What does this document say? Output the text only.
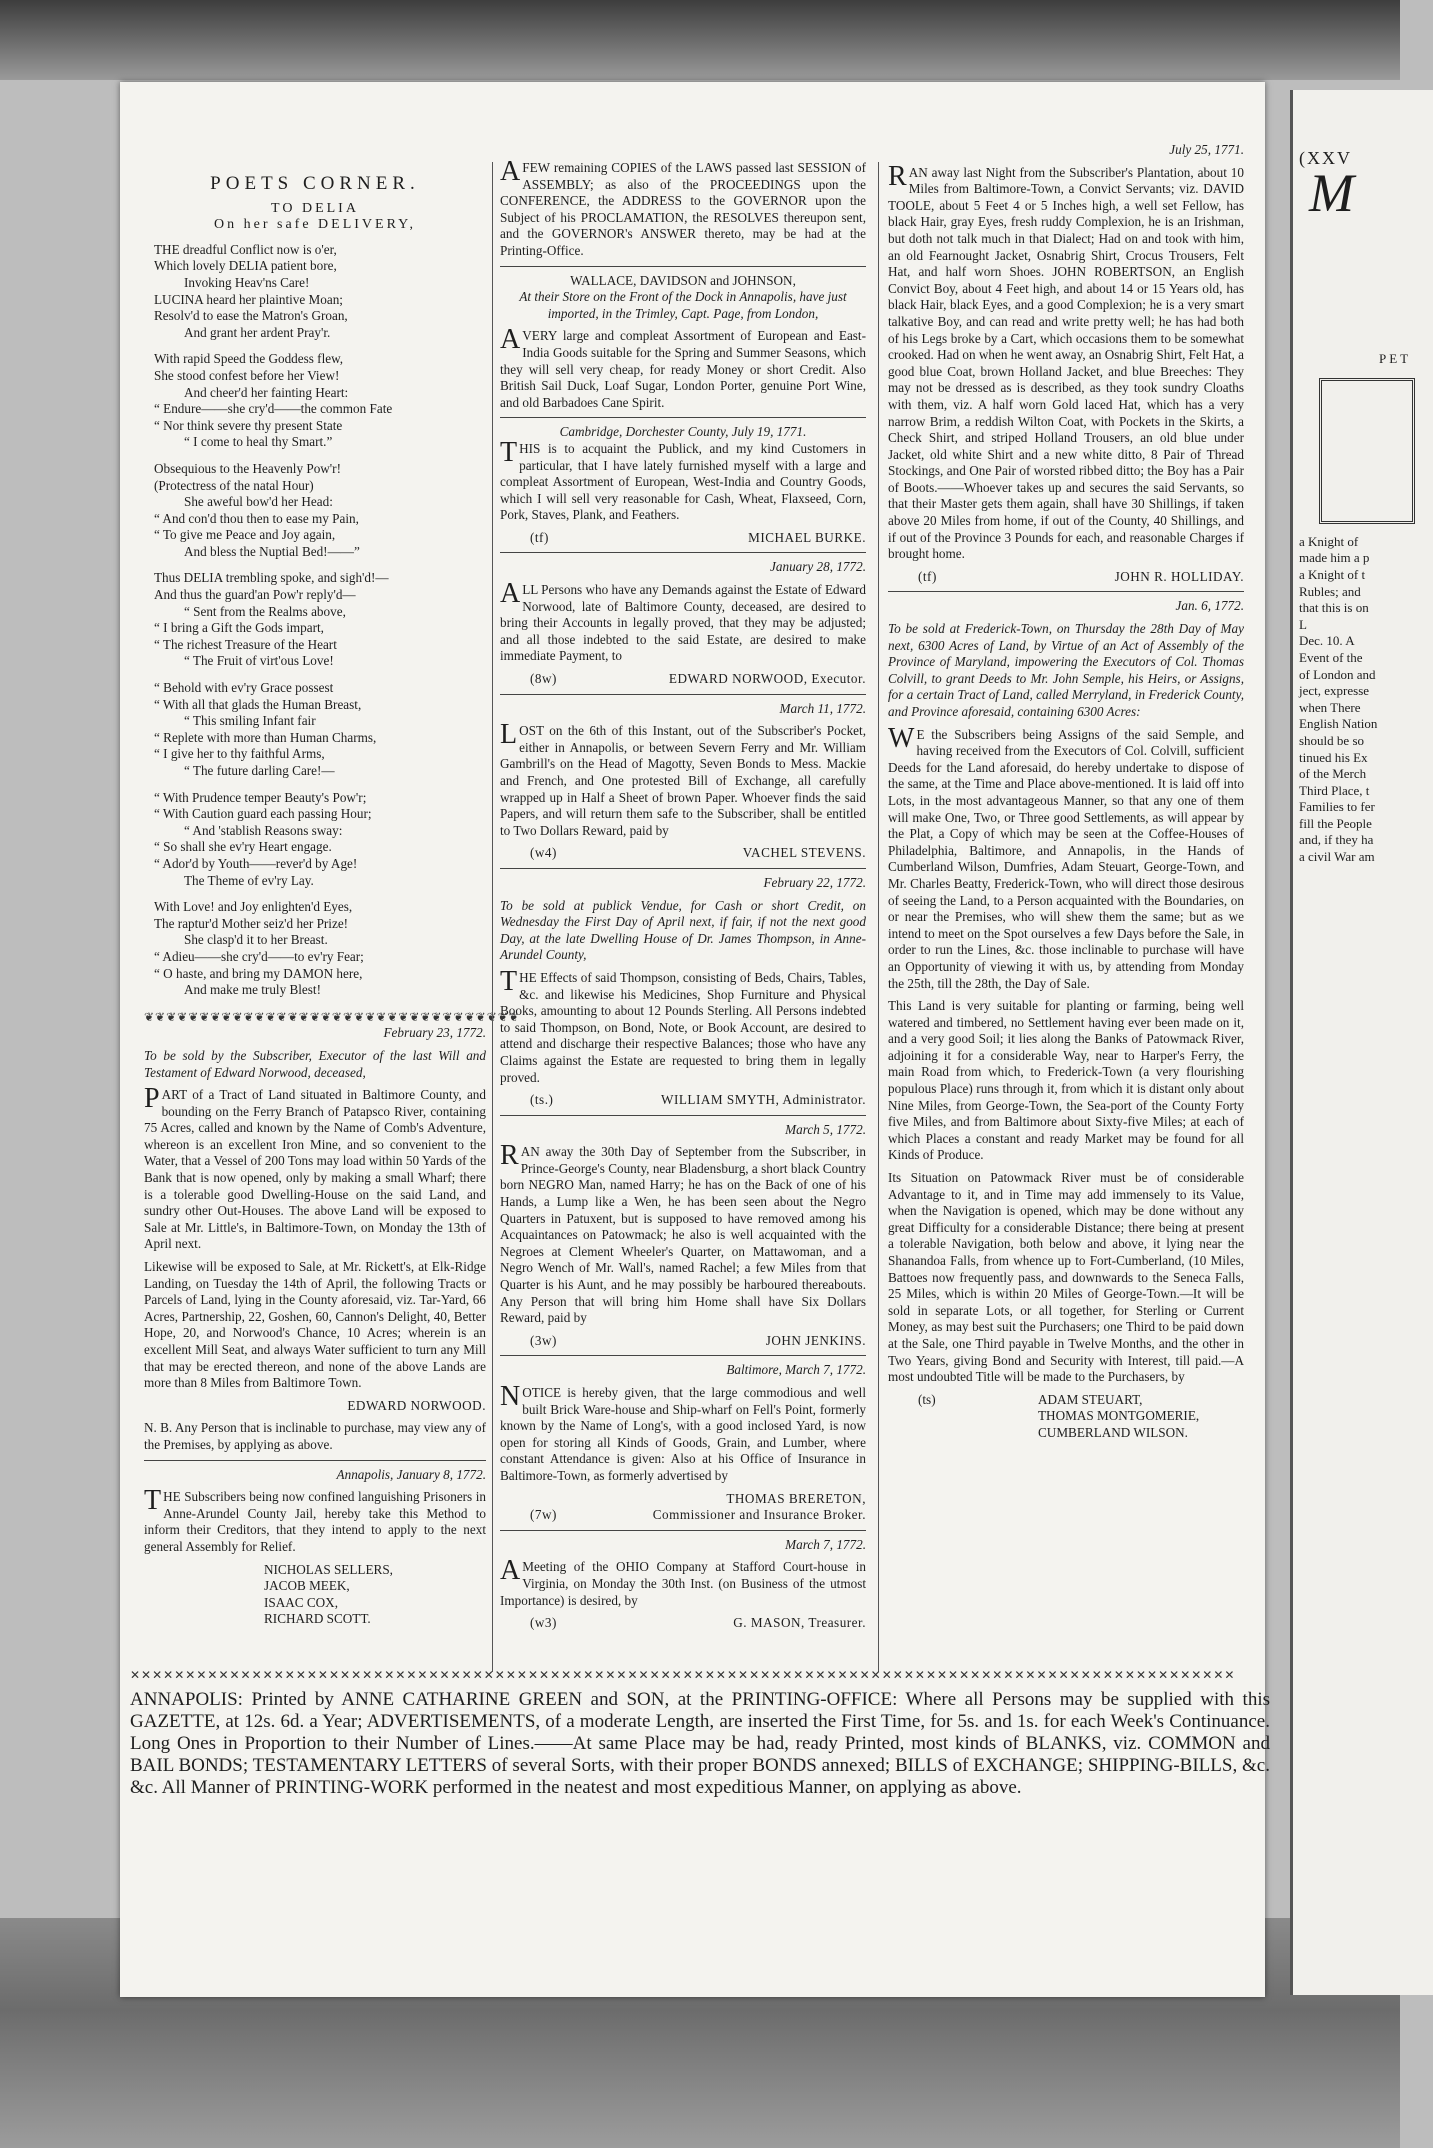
(XXV
M
PET
a Knight of
made him a p
a Knight of t
Rubles; and
that this is on
L
Dec. 10. A
Event of the
of London and
ject, expresse
when There
English Nation
should be so
tinued his Ex
of the Merch
Third Place, t
Families to fer
fill the People
and, if they ha
a civil War am
POETS CORNER.
TO DELIA
On her safe DELIVERY,
THE dreadful Conflict now is o'er,
Which lovely DELIA patient bore,
Invoking Heav'ns Care!
LUCINA heard her plaintive Moan;
Resolv'd to ease the Matron's Groan,
And grant her ardent Pray'r.
With rapid Speed the Goddess flew,
She stood confest before her View!
And cheer'd her fainting Heart:
“ Endure——she cry'd——the common Fate
“ Nor think severe thy present State
“ I come to heal thy Smart.”
Obsequious to the Heavenly Pow'r!
(Protectress of the natal Hour)
She aweful bow'd her Head:
“ And con'd thou then to ease my Pain,
“ To give me Peace and Joy again,
And bless the Nuptial Bed!——”
Thus DELIA trembling spoke, and sigh'd!—
And thus the guard'an Pow'r reply'd—
“ Sent from the Realms above,
“ I bring a Gift the Gods impart,
“ The richest Treasure of the Heart
“ The Fruit of virt'ous Love!
“ Behold with ev'ry Grace possest
“ With all that glads the Human Breast,
“ This smiling Infant fair
“ Replete with more than Human Charms,
“ I give her to thy faithful Arms,
“ The future darling Care!—
“ With Prudence temper Beauty's Pow'r;
“ With Caution guard each passing Hour;
“ And 'stablish Reasons sway:
“ So shall she ev'ry Heart engage.
“ Ador'd by Youth——rever'd by Age!
The Theme of ev'ry Lay.
With Love! and Joy enlighten'd Eyes,
The raptur'd Mother seiz'd her Prize!
She clasp'd it to her Breast.
“ Adieu——she cry'd——to ev'ry Fear;
“ O haste, and bring my DAMON here,
And make me truly Blest!
❦❦❦❦❦❦❦❦❦❦❦❦❦❦❦❦❦❦❦❦❦❦❦❦❦❦❦❦❦❦❦❦❦❦

February 23, 1772.

To be sold by the Subscriber, Executor of the last Will and Testament of Edward Norwood, deceased,

PART of a Tract of Land situated in Baltimore County, and bounding on the Ferry Branch of Patapsco River, containing 75 Acres, called and known by the Name of Comb's Adventure, whereon is an excellent Iron Mine, and so convenient to the Water, that a Vessel of 200 Tons may load within 50 Yards of the Bank that is now opened, only by making a small Wharf; there is a tolerable good Dwelling-House on the said Land, and sundry other Out-Houses. The above Land will be exposed to Sale at Mr. Little's, in Baltimore-Town, on Monday the 13th of April next.

Likewise will be exposed to Sale, at Mr. Rickett's, at Elk-Ridge Landing, on Tuesday the 14th of April, the following Tracts or Parcels of Land, lying in the County aforesaid, viz. Tar-Yard, 66 Acres, Partnership, 22, Goshen, 60, Cannon's Delight, 40, Better Hope, 20, and Norwood's Chance, 10 Acres; wherein is an excellent Mill Seat, and always Water sufficient to turn any Mill that may be erected thereon, and none of the above Lands are more than 8 Miles from Baltimore Town.

EDWARD NORWOOD.

N. B. Any Person that is inclinable to purchase, may view any of the Premises, by applying as above.

Annapolis, January 8, 1772.

THE Subscribers being now confined languishing Prisoners in Anne-Arundel County Jail, hereby take this Method to inform their Creditors, that they intend to apply to the next general Assembly for Relief.

NICHOLAS SELLERS,
JACOB MEEK,
ISAAC COX,
RICHARD SCOTT.

AFEW remaining COPIES of the LAWS passed last SESSION of ASSEMBLY; as also of the PROCEEDINGS upon the CONFERENCE, the ADDRESS to the GOVERNOR upon the Subject of his PROCLAMATION, the RESOLVES thereupon sent, and the GOVERNOR's ANSWER thereto, may be had at the Printing-Office.

WALLACE, DAVIDSON and JOHNSON,

At their Store on the Front of the Dock in Annapolis, have just imported, in the Trimley, Capt. Page, from London,

AVERY large and compleat Assortment of European and East-India Goods suitable for the Spring and Summer Seasons, which they will sell very cheap, for ready Money or short Credit. Also British Sail Duck, Loaf Sugar, London Porter, genuine Port Wine, and old Barbadoes Cane Spirit.

Cambridge, Dorchester County, July 19, 1771.

THIS is to acquaint the Publick, and my kind Customers in particular, that I have lately furnished myself with a large and compleat Assortment of European, West-India and Country Goods, which I will sell very reasonable for Cash, Wheat, Flaxseed, Corn, Pork, Staves, Plank, and Feathers.

(tf)	MICHAEL BURKE.

January 28, 1772.

ALL Persons who have any Demands against the Estate of Edward Norwood, late of Baltimore County, deceased, are desired to bring their Accounts in legally proved, that they may be adjusted; and all those indebted to the said Estate, are desired to make immediate Payment, to

(8w)	EDWARD NORWOOD, Executor.

March 11, 1772.

LOST on the 6th of this Instant, out of the Subscriber's Pocket, either in Annapolis, or between Severn Ferry and Mr. William Gambrill's on the Head of Magotty, Seven Bonds to Mess. Mackie and French, and One protested Bill of Exchange, all carefully wrapped up in Half a Sheet of brown Paper. Whoever finds the said Papers, and will return them safe to the Subscriber, shall be entitled to Two Dollars Reward, paid by

(w4)	VACHEL STEVENS.

February 22, 1772.

To be sold at publick Vendue, for Cash or short Credit, on Wednesday the First Day of April next, if fair, if not the next good Day, at the late Dwelling House of Dr. James Thompson, in Anne-Arundel County,

THE Effects of said Thompson, consisting of Beds, Chairs, Tables, &c. and likewise his Medicines, Shop Furniture and Physical Books, amounting to about 12 Pounds Sterling. All Persons indebted to said Thompson, on Bond, Note, or Book Account, are desired to attend and discharge their respective Balances; those who have any Claims against the Estate are requested to bring them in legally proved.

(ts.)	WILLIAM SMYTH, Administrator.

March 5, 1772.

RAN away the 30th Day of September from the Subscriber, in Prince-George's County, near Bladensburg, a short black Country born NEGRO Man, named Harry; he has on the Back of one of his Hands, a Lump like a Wen, he has been seen about the Negro Quarters in Patuxent, but is supposed to have removed among his Acquaintances on Patowmack; he also is well acquainted with the Negroes at Clement Wheeler's Quarter, on Mattawoman, and a Negro Wench of Mr. Wall's, named Rachel; a few Miles from that Quarter is his Aunt, and he may possibly be harboured thereabouts. Any Person that will bring him Home shall have Six Dollars Reward, paid by

(3w)	JOHN JENKINS.

Baltimore, March 7, 1772.

NOTICE is hereby given, that the large commodious and well built Brick Ware-house and Ship-wharf on Fell's Point, formerly known by the Name of Long's, with a good inclosed Yard, is now open for storing all Kinds of Goods, Grain, and Lumber, where constant Attendance is given: Also at his Office of Insurance in Baltimore-Town, as formerly advertised by

THOMAS BRERETON,

(7w)	Commissioner and Insurance Broker.

March 7, 1772.

AMeeting of the OHIO Company at Stafford Court-house in Virginia, on Monday the 30th Inst. (on Business of the utmost Importance) is desired, by

(w3)	G. MASON, Treasurer.

July 25, 1771.

RAN away last Night from the Subscriber's Plantation, about 10 Miles from Baltimore-Town, a Convict Servants; viz. DAVID TOOLE, about 5 Feet 4 or 5 Inches high, a well set Fellow, has black Hair, gray Eyes, fresh ruddy Complexion, he is an Irishman, but doth not talk much in that Dialect; Had on and took with him, an old Fearnought Jacket, Osnabrig Shirt, Crocus Trousers, Felt Hat, and half worn Shoes. JOHN ROBERTSON, an English Convict Boy, about 4 Feet high, and about 14 or 15 Years old, has black Hair, black Eyes, and a good Complexion; he is a very smart talkative Boy, and can read and write pretty well; he has had both of his Legs broke by a Cart, which occasions them to be somewhat crooked. Had on when he went away, an Osnabrig Shirt, Felt Hat, a good blue Coat, brown Holland Jacket, and blue Breeches: They may not be dressed as is described, as they took sundry Cloaths with them, viz. A half worn Gold laced Hat, which has a very narrow Brim, a reddish Wilton Coat, with Pockets in the Skirts, a Check Shirt, and striped Holland Trousers, an old blue under Jacket, old white Shirt and a new white ditto, 8 Pair of Thread Stockings, and One Pair of worsted ribbed ditto; the Boy has a Pair of Boots.——Whoever takes up and secures the said Servants, so that their Master gets them again, shall have 30 Shillings, if taken above 20 Miles from home, if out of the County, 40 Shillings, and if out of the Province 3 Pounds for each, and reasonable Charges if brought home.

(tf)	JOHN R. HOLLIDAY.

Jan. 6, 1772.

To be sold at Frederick-Town, on Thursday the 28th Day of May next, 6300 Acres of Land, by Virtue of an Act of Assembly of the Province of Maryland, impowering the Executors of Col. Thomas Colvill, to grant Deeds to Mr. John Semple, his Heirs, or Assigns, for a certain Tract of Land, called Merryland, in Frederick County, and Province aforesaid, containing 6300 Acres:

WE the Subscribers being Assigns of the said Semple, and having received from the Executors of Col. Colvill, sufficient Deeds for the Land aforesaid, do hereby undertake to dispose of the same, at the Time and Place above-mentioned. It is laid off into Lots, in the most advantageous Manner, so that any one of them will make One, Two, or Three good Settlements, as will appear by the Plat, a Copy of which may be seen at the Coffee-Houses of Philadelphia, Baltimore, and Annapolis, in the Hands of Cumberland Wilson, Dumfries, Adam Steuart, George-Town, and Mr. Charles Beatty, Frederick-Town, who will direct those desirous of seeing the Land, to a Person acquainted with the Boundaries, on or near the Premises, who will shew them the same; but as we intend to meet on the Spot ourselves a few Days before the Sale, in order to run the Lines, &c. those inclinable to purchase will have an Opportunity of viewing it with us, by attending from Monday the 25th, till the 28th, the Day of Sale.

This Land is very suitable for planting or farming, being well watered and timbered, no Settlement having ever been made on it, and a very good Soil; it lies along the Banks of Patowmack River, adjoining it for a considerable Way, near to Harper's Ferry, the main Road from which, to Frederick-Town (a very flourishing populous Place) runs through it, from which it is distant only about Nine Miles, from George-Town, the Sea-port of the County Forty five Miles, and from Baltimore about Sixty-five Miles; at each of which Places a constant and ready Market may be found for all Kinds of Produce.

Its Situation on Patowmack River must be of considerable Advantage to it, and in Time may add immensely to its Value, when the Navigation is opened, which may be done without any great Difficulty for a considerable Distance; there being at present a tolerable Navigation, both below and above, it lying near the Shanandoa Falls, from whence up to Fort-Cumberland, (10 Miles, Battoes now frequently pass, and downwards to the Seneca Falls, 25 Miles, which is within 20 Miles of George-Town.—It will be sold in separate Lots, or all together, for Sterling or Current Money, as may best suit the Purchasers; one Third to be paid down at the Sale, one Third payable in Twelve Months, and the other in Two Years, giving Bond and Security with Interest, till paid.—A most undoubted Title will be made to the Purchasers, by

(ts)	ADAM STEUART,
THOMAS MONTGOMERIE,
CUMBERLAND WILSON.
✕✕✕✕✕✕✕✕✕✕✕✕✕✕✕✕✕✕✕✕✕✕✕✕✕✕✕✕✕✕✕✕✕✕✕✕✕✕✕✕✕✕✕✕✕✕✕✕✕✕✕✕✕✕✕✕✕✕✕✕✕✕✕✕✕✕✕✕✕✕✕✕✕✕✕✕✕✕✕✕✕✕✕✕✕✕✕✕✕✕✕✕✕✕✕✕✕✕✕✕
ANNAPOLIS: Printed by ANNE CATHARINE GREEN and SON, at the PRINTING-OFFICE: Where all Persons may be supplied with this GAZETTE, at 12s. 6d. a Year; ADVERTISEMENTS, of a moderate Length, are inserted the First Time, for 5s. and 1s. for each Week's Continuance. Long Ones in Proportion to their Number of Lines.——At same Place may be had, ready Printed, most kinds of BLANKS, viz. COMMON and BAIL BONDS; TESTAMENTARY LETTERS of several Sorts, with their proper BONDS annexed; BILLS of EXCHANGE; SHIPPING-BILLS, &c. &c. All Manner of PRINTING-WORK performed in the neatest and most expeditious Manner, on applying as above.
